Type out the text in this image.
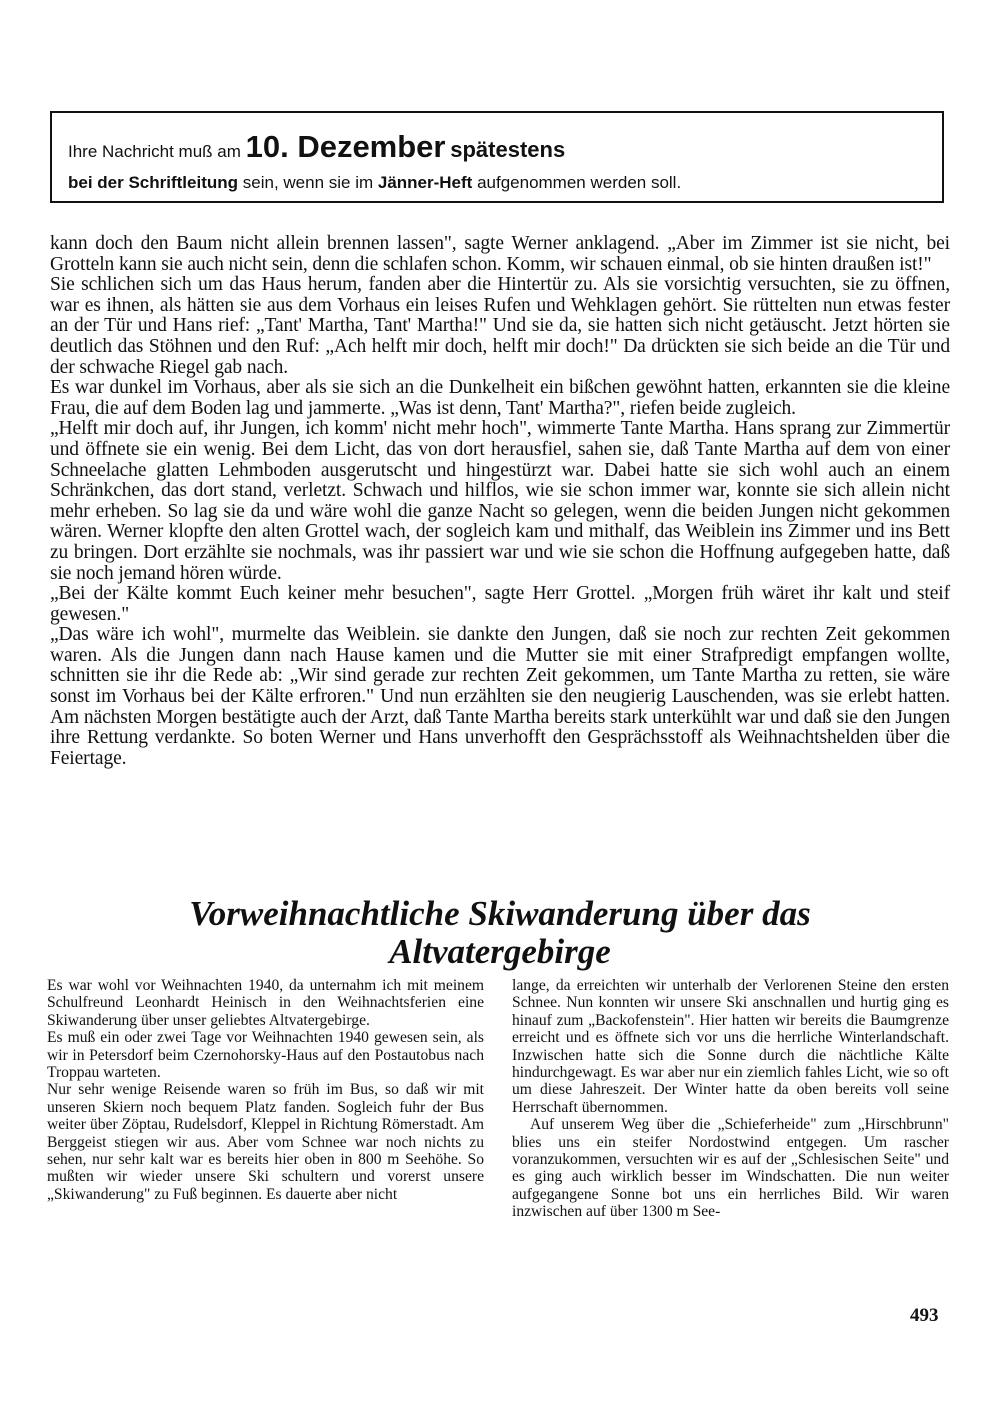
Ihre Nachricht muß am 10. Dezember spätestens
bei der Schriftleitung sein, wenn sie im Jänner-Heft aufgenommen werden soll.

kann doch den Baum nicht allein brennen lassen", sagte Werner anklagend. „Aber im Zimmer ist sie nicht, bei Grotteln kann sie auch nicht sein, denn die schlafen schon. Komm, wir schauen einmal, ob sie hinten draußen ist!"

Sie schlichen sich um das Haus herum, fanden aber die Hintertür zu. Als sie vorsichtig versuchten, sie zu öffnen, war es ihnen, als hätten sie aus dem Vorhaus ein leises Rufen und Wehklagen gehört. Sie rüttelten nun etwas fester an der Tür und Hans rief: „Tant' Martha, Tant' Martha!" Und sie da, sie hatten sich nicht getäuscht. Jetzt hörten sie deutlich das Stöhnen und den Ruf: „Ach helft mir doch, helft mir doch!" Da drückten sie sich beide an die Tür und der schwache Riegel gab nach.

Es war dunkel im Vorhaus, aber als sie sich an die Dunkelheit ein bißchen gewöhnt hatten, erkannten sie die kleine Frau, die auf dem Boden lag und jammerte. „Was ist denn, Tant' Martha?", riefen beide zugleich.

„Helft mir doch auf, ihr Jungen, ich komm' nicht mehr hoch", wimmerte Tante Martha. Hans sprang zur Zimmertür und öffnete sie ein wenig. Bei dem Licht, das von dort herausfiel, sahen sie, daß Tante Martha auf dem von einer Schneelache glatten Lehmboden ausgerutscht und hingestürzt war. Dabei hatte sie sich wohl auch an einem Schränkchen, das dort stand, verletzt. Schwach und hilflos, wie sie schon immer war, konnte sie sich allein nicht mehr erheben. So lag sie da und wäre wohl die ganze Nacht so gelegen, wenn die beiden Jungen nicht gekommen wären. Werner klopfte den alten Grottel wach, der sogleich kam und mithalf, das Weiblein ins Zimmer und ins Bett zu bringen. Dort erzählte sie nochmals, was ihr passiert war und wie sie schon die Hoffnung aufgegeben hatte, daß sie noch jemand hören würde.

„Bei der Kälte kommt Euch keiner mehr besuchen", sagte Herr Grottel. „Morgen früh wäret ihr kalt und steif gewesen."

„Das wäre ich wohl", murmelte das Weiblein. sie dankte den Jungen, daß sie noch zur rechten Zeit gekommen waren. Als die Jungen dann nach Hause kamen und die Mutter sie mit einer Strafpredigt empfangen wollte, schnitten sie ihr die Rede ab: „Wir sind gerade zur rechten Zeit gekommen, um Tante Martha zu retten, sie wäre sonst im Vorhaus bei der Kälte erfroren." Und nun erzählten sie den neugierig Lauschenden, was sie erlebt hatten. Am nächsten Morgen bestätigte auch der Arzt, daß Tante Martha bereits stark unterkühlt war und daß sie den Jungen ihre Rettung verdankte. So boten Werner und Hans unverhofft den Gesprächsstoff als Weihnachtshelden über die Feiertage.

Vorweihnachtliche Skiwanderung über das
Altvatergebirge

Es war wohl vor Weihnachten 1940, da unternahm ich mit meinem Schulfreund Leonhardt Heinisch in den Weihnachtsferien eine Skiwanderung über unser geliebtes Altvatergebirge.

Es muß ein oder zwei Tage vor Weihnachten 1940 gewesen sein, als wir in Petersdorf beim Czernohorsky-Haus auf den Postautobus nach Troppau warteten.

Nur sehr wenige Reisende waren so früh im Bus, so daß wir mit unseren Skiern noch bequem Platz fanden. Sogleich fuhr der Bus weiter über Zöptau, Rudelsdorf, Kleppel in Richtung Römerstadt. Am Berggeist stiegen wir aus. Aber vom Schnee war noch nichts zu sehen, nur sehr kalt war es bereits hier oben in 800 m Seehöhe. So mußten wir wieder unsere Ski schultern und vorerst unsere „Skiwanderung" zu Fuß beginnen. Es dauerte aber nicht

lange, da erreichten wir unterhalb der Verlorenen Steine den ersten Schnee. Nun konnten wir unsere Ski anschnallen und hurtig ging es hinauf zum „Backofenstein". Hier hatten wir bereits die Baumgrenze erreicht und es öffnete sich vor uns die herrliche Winterlandschaft. Inzwischen hatte sich die Sonne durch die nächtliche Kälte hindurchgewagt. Es war aber nur ein ziemlich fahles Licht, wie so oft um diese Jahreszeit. Der Winter hatte da oben bereits voll seine Herrschaft übernommen.

Auf unserem Weg über die „Schieferheide" zum „Hirschbrunn" blies uns ein steifer Nordostwind entgegen. Um rascher voranzukommen, versuchten wir es auf der „Schlesischen Seite" und es ging auch wirklich besser im Windschatten. Die nun weiter aufgegangene Sonne bot uns ein herrliches Bild. Wir waren inzwischen auf über 1300 m See-

493
